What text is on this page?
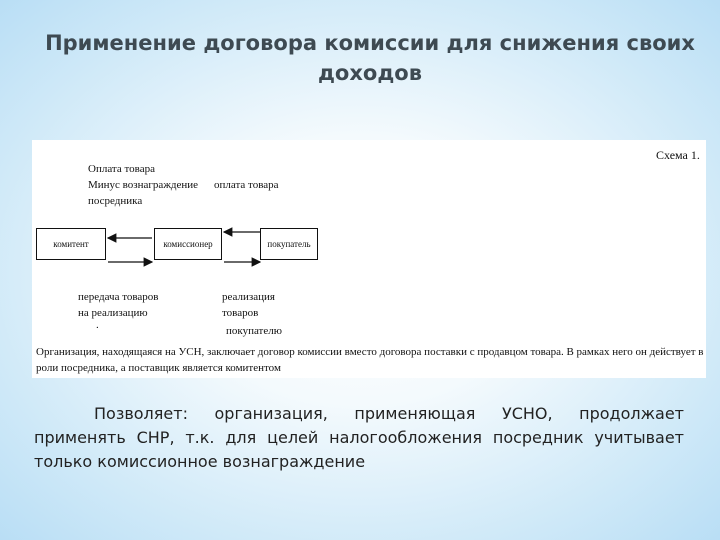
Применение договора комиссии для снижения своих
доходов
Схема 1.
Оплата товара
Минус вознаграждение
посредника
оплата товара
комитент	комиссионер	покупатель
передача товаров
на реализацию
.
реализация
товаров
покупателю
Организация, находящаяся на УСН, заключает договор комиссии вместо договора поставки с продавцом товара. В рамках него он действует в роли посредника, а поставщик является комитентом
Позволяет: организация, применяющая УСНО, продолжает применять СНР, т.к. для целей налогообложения посредник учитывает только комиссионное вознаграждение
